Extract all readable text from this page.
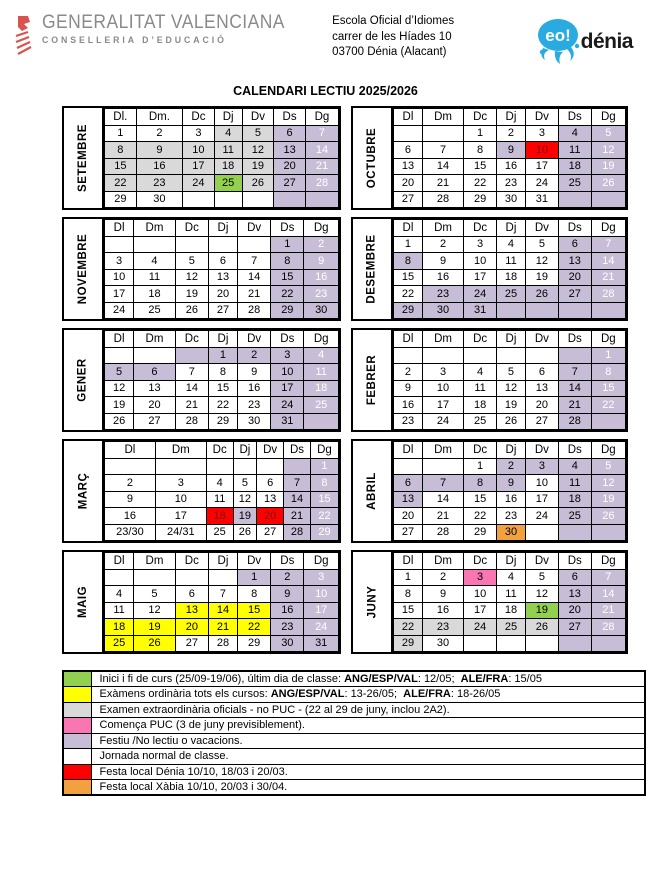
GENERALITAT VALENCIANA
CONSELLERIA D’EDUCACIÓ
Escola Oficial d’Idiomes
carrer de les Híades 10
03700 Dénia (Alacant)
eo! dénia
CALENDARI LECTIU 2025/2026
SETEMBRE
Dl.	Dm.	Dc	Dj	Dv	Ds	Dg
1	2	3	4	5	6	7
8	9	10	11	12	13	14
15	16	17	18	19	20	21
22	23	24	25	26	27	28
29	30					
OCTUBRE
Dl	Dm	Dc	Dj	Dv	Ds	Dg
		1	2	3	4	5
6	7	8	9	10	11	12
13	14	15	16	17	18	19
20	21	22	23	24	25	26
27	28	29	30	31		
NOVEMBRE
Dl	Dm	Dc	Dj	Dv	Ds	Dg
					1	2
3	4	5	6	7	8	9
10	11	12	13	14	15	16
17	18	19	20	21	22	23
24	25	26	27	28	29	30
DESEMBRE
Dl	Dm	Dc	Dj	Dv	Ds	Dg
1	2	3	4	5	6	7
8	9	10	11	12	13	14
15	16	17	18	19	20	21
22	23	24	25	26	27	28
29	30	31				
GENER
Dl	Dm	Dc	Dj	Dv	Ds	Dg
			1	2	3	4
5	6	7	8	9	10	11
12	13	14	15	16	17	18
19	20	21	22	23	24	25
26	27	28	29	30	31	
FEBRER
Dl	Dm	Dc	Dj	Dv	Ds	Dg
						1
2	3	4	5	6	7	8
9	10	11	12	13	14	15
16	17	18	19	20	21	22
23	24	25	26	27	28	
MARÇ
Dl	Dm	Dc	Dj	Dv	Ds	Dg
						1
2	3	4	5	6	7	8
9	10	11	12	13	14	15
16	17	18	19	20	21	22
23/30	24/31	25	26	27	28	29
ABRIL
Dl	Dm	Dc	Dj	Dv	Ds	Dg
		1	2	3	4	5
6	7	8	9	10	11	12
13	14	15	16	17	18	19
20	21	22	23	24	25	26
27	28	29	30			
MAIG
Dl	Dm	Dc	Dj	Dv	Ds	Dg
				1	2	3
4	5	6	7	8	9	10
11	12	13	14	15	16	17
18	19	20	21	22	23	24
25	26	27	28	29	30	31
JUNY
Dl	Dm	Dc	Dj	Dv	Ds	Dg
1	2	3	4	5	6	7
8	9	10	11	12	13	14
15	16	17	18	19	20	21
22	23	24	25	26	27	28
29	30					
	Inici i fi de curs (25/09-19/06), últim dia de classe: ANG/ESP/VAL: 12/05;  ALE/FRA: 15/05
	Exàmens ordinària tots els cursos: ANG/ESP/VAL: 13-26/05;  ALE/FRA: 18-26/05
	Examen extraordinària oficials - no PUC - (22 al 29 de juny, inclou 2A2).
	Comença PUC (3 de juny previsiblement).
	Festiu /No lectiu o vacacions.
	Jornada normal de classe.
	Festa local Dénia 10/10, 18/03 i 20/03.
	Festa local Xàbia 10/10, 20/03 i 30/04.
